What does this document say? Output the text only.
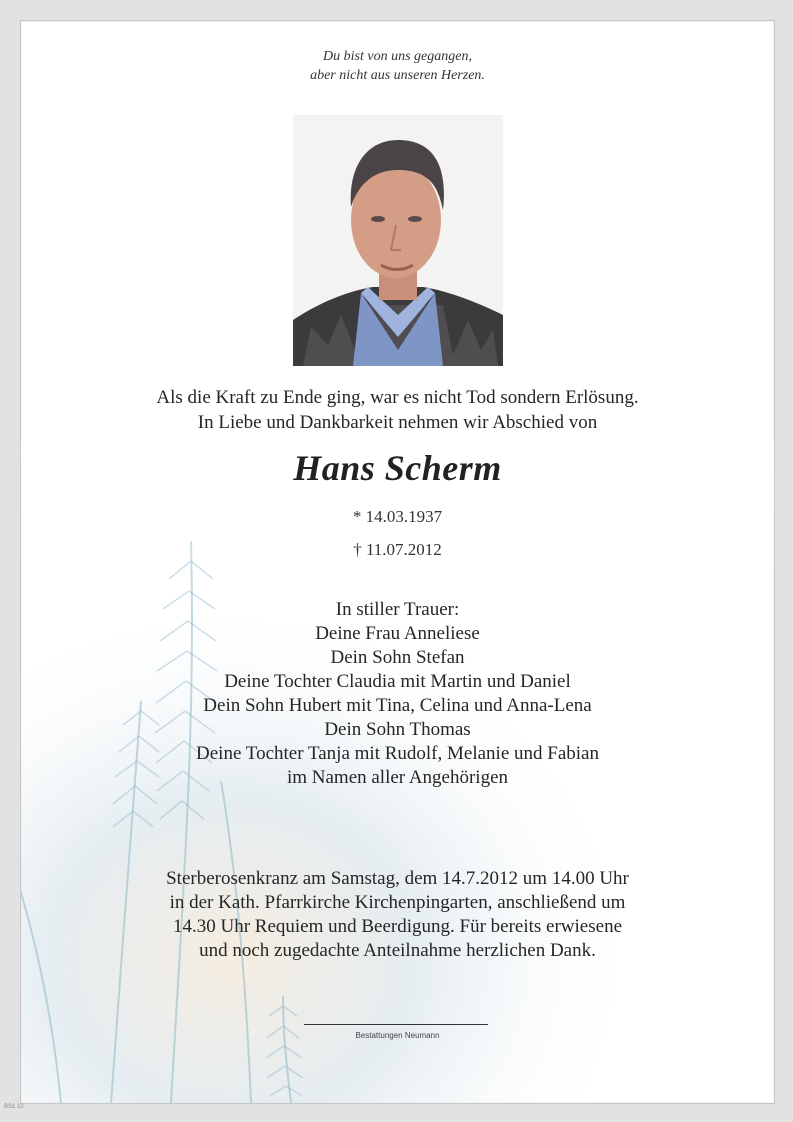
Du bist von uns gegangen,
aber nicht aus unseren Herzen.
Als die Kraft zu Ende ging, war es nicht Tod sondern Erlösung.
In Liebe und Dankbarkeit nehmen wir Abschied von
Hans Scherm
* 14.03.1937
† 11.07.2012
In stiller Trauer:
Deine Frau Anneliese
Dein Sohn Stefan
Deine Tochter Claudia mit Martin und Daniel
Dein Sohn Hubert mit Tina, Celina und Anna-Lena
Dein Sohn Thomas
Deine Tochter Tanja mit Rudolf, Melanie und Fabian
im Namen aller Angehörigen
Sterberosenkranz am Samstag, dem 14.7.2012 um 14.00 Uhr
in der Kath. Pfarrkirche Kirchenpingarten, anschließend um
14.30 Uhr Requiem und Beerdigung. Für bereits erwiesene
und noch zugedachte Anteilnahme herzlichen Dank.
Bestattungen Neumann
BS1 10
